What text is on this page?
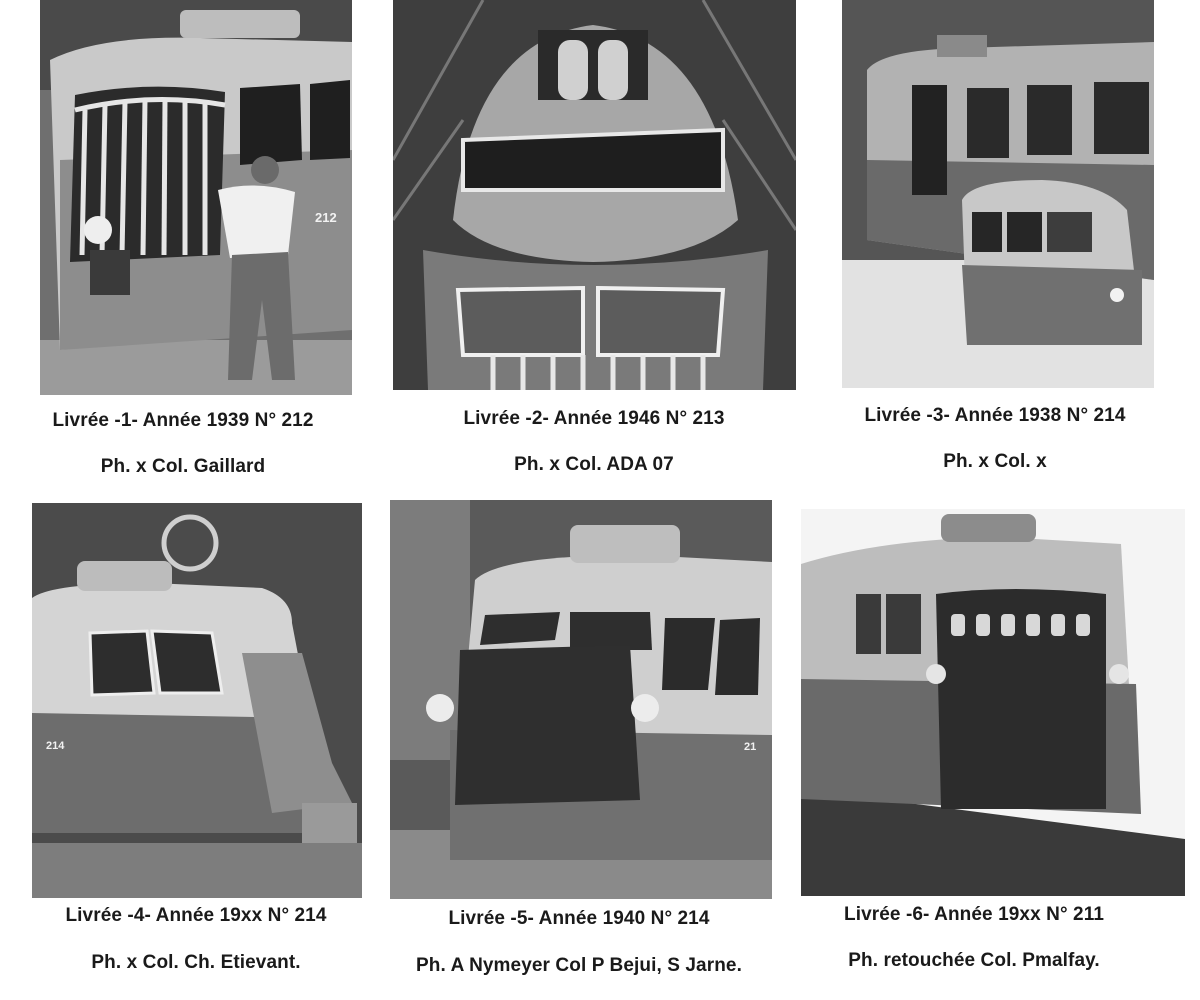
212
214	21
Livrée -1- Année 1939 N° 212
Ph. x Col. Gaillard
Livrée -2- Année 1946 N° 213
Ph. x Col. ADA 07
Livrée -3- Année 1938 N° 214
Ph. x Col. x
Livrée -4- Année 19xx N° 214
Ph. x Col. Ch. Etievant.
Livrée -5- Année 1940 N° 214
Ph. A Nymeyer Col P Bejui, S Jarne.
Livrée -6- Année 19xx N° 211
Ph. retouchée Col. Pmalfay.
